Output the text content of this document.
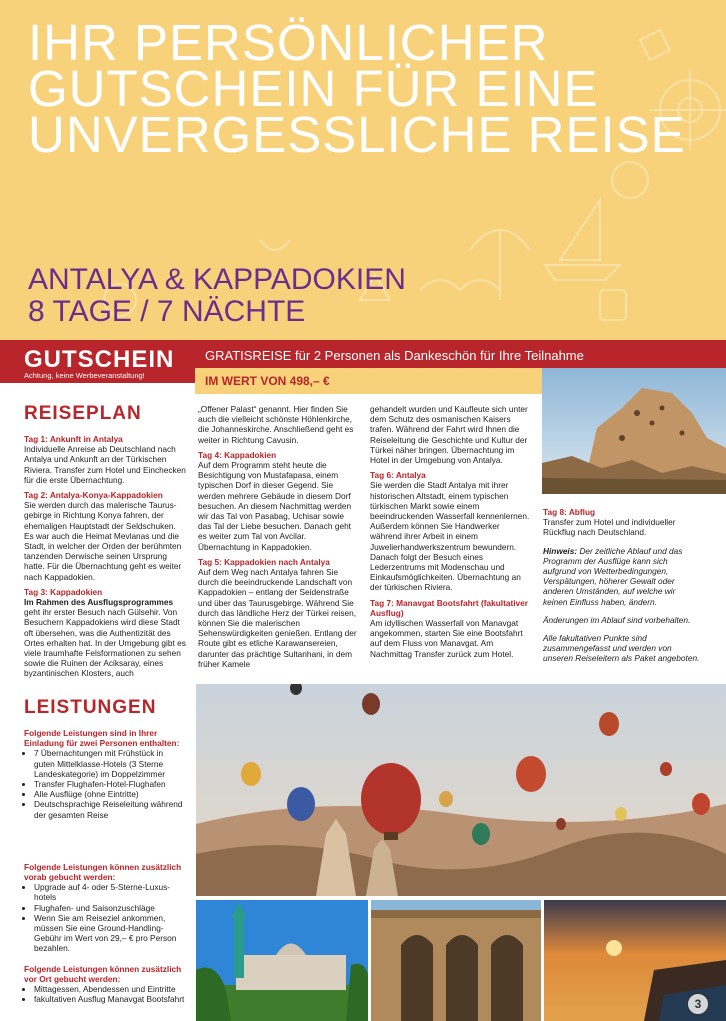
IHR PERSÖNLICHER GUTSCHEIN FÜR EINE UNVERGESSLICHE REISE
ANTALYA & KAPPADOKIEN
8 TAGE / 7 NÄCHTE
GUTSCHEIN
Achtung, keine Werbeveranstaltung!
GRATISREISE für 2 Personen als Dankeschön für Ihre Teilnahme
IM WERT VON 498,– €
REISEPLAN

Tag 1: Ankunft in Antalya
Individuelle Anreise ab Deutschland nach Antalya und Ankunft an der Türkischen Riviera. Transfer zum Hotel und Einchecken für die erste Übernachtung.

Tag 2: Antalya-Konya-Kappadokien
Sie werden durch das malerische Taurus-gebirge in Richtung Konya fahren, der ehemaligen Hauptstadt der Seldschuken. Es war auch die Heimat Mevlanas und die Stadt, in welcher der Orden der berühmten tanzenden Derwische seinen Ursprung hatte. Für die Übernachtung geht es weiter nach Kappadokien.

Tag 3: Kappadokien
Im Rahmen des Ausflugsprogrammes
geht ihr erster Besuch nach Gülsehir. Von Besuchern Kappadokiens wird diese Stadt oft übersehen, was die Authentizität des Ortes erhalten hat. In der Umgebung gibt es viele traumhafte Felsformationen zu sehen sowie die Ruinen der Aciksaray, eines byzantinischen Klosters, auch

„Offener Palast“ genannt. Hier finden Sie auch die vielleicht schönste Höhlenkirche, die Johanneskirche. Anschließend geht es weiter in Richtung Cavusin.

Tag 4: Kappadokien
Auf dem Programm steht heute die Besichtigung von Mustafapasa, einem typischen Dorf in dieser Gegend. Sie werden mehrere Gebäude in diesem Dorf besuchen. An diesem Nachmittag werden wir das Tal von Pasabag, Uchisar sowie das Tal der Liebe besuchen. Danach geht es weiter zum Tal von Avcilar. Übernachtung in Kappadokien.

Tag 5: Kappadokien nach Antalya
Auf dem Weg nach Antalya fahren Sie durch die beeindruckende Landschaft von Kappadokien – entlang der Seidenstraße und über das Taurusgebirge. Während Sie durch das ländliche Herz der Türkei reisen, können Sie die malerischen Sehenswürdigkeiten genießen. Entlang der Route gibt es etliche Karawansereien, darunter das prächtige Sultanhani, in dem früher Kamele

gehandelt wurden und Kaufleute sich unter dem Schutz des osmanischen Kaisers trafen. Während der Fahrt wird Ihnen die Reiseleitung die Geschichte und Kultur der Türkei näher bringen. Übernachtung im Hotel in der Umgebung von Antalya.

Tag 6: Antalya
Sie werden die Stadt Antalya mit ihrer historischen Altstadt, einem typischen türkischen Markt sowie einem beeindruckenden Wasserfall kennenlernen. Außerdem können Sie Handwerker während ihrer Arbeit in einem Juwelierhandwerkszentrum bewundern. Danach folgt der Besuch eines Lederzentrums mit Modenschau und Einkaufsmöglichkeiten. Übernachtung an der türkischen Riviera.

Tag 7: Manavgat Bootsfahrt (fakultativer Ausflug)
Am idyllischen Wasserfall von Manavgat angekommen, starten Sie eine Bootsfahrt auf dem Fluss von Manavgat. Am Nachmittag Transfer zurück zum Hotel.

Tag 8: Abflug
Transfer zum Hotel und individueller Rückflug nach Deutschland.

Hinweis: Der zeitliche Ablauf und das Programm der Ausflüge kann sich aufgrund von Wetterbedingungen, Verspätungen, höherer Gewalt oder anderen Umständen, auf welche wir keinen Einfluss haben, ändern.

Änderungen im Ablauf sind vorbehalten.

Alle fakultativen Punkte sind zusammengefasst und werden von unseren Reiseleitern als Paket angeboten.

LEISTUNGEN
Folgende Leistungen sind in Ihrer Einladung für zwei Personen enthalten:
• 7 Übernachtungen mit Frühstück in guten Mittelklasse-Hotels (3 Sterne Landeskategorie) im Doppelzimmer
• Transfer Flughafen-Hotel-Flughafen
• Alle Ausflüge (ohne Eintritte)
• Deutschsprachige Reiseleitung während der gesamten Reise
Folgende Leistungen können zusätzlich vorab gebucht werden:
• Upgrade auf 4- oder 5-Sterne-Luxus-hotels
• Flughafen- und Saisonzuschläge
• Wenn Sie am Reiseziel ankommen, müssen Sie eine Ground-Handling-Gebühr im Wert von 29,– € pro Person bezahlen.
Folgende Leistungen können zusätzlich vor Ort gebucht werden:
• Mittagessen, Abendessen und Eintritte
• fakultativen Ausflug Manavgat Bootsfahrt	3
